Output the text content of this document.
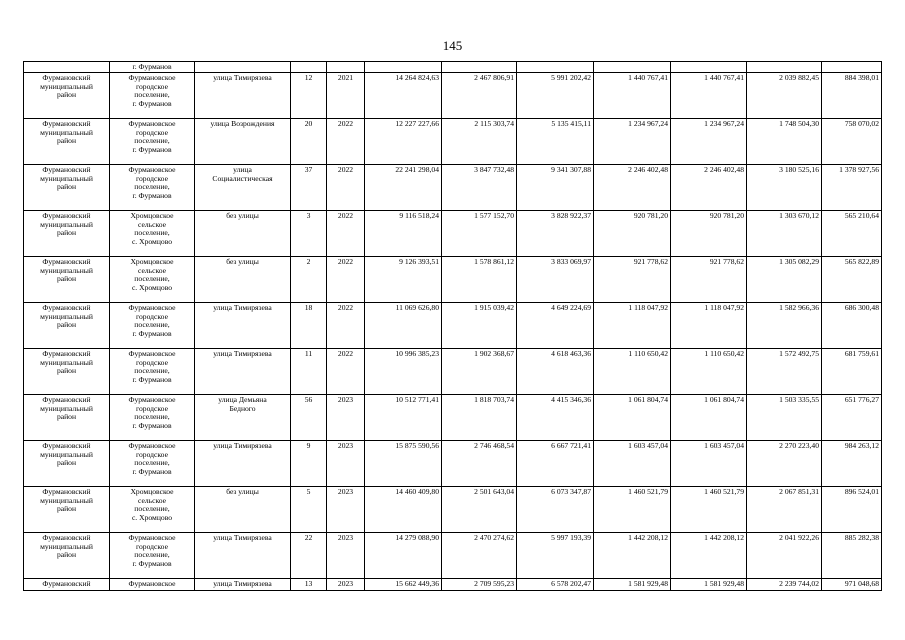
145
	г. Фурманов										
Фурмановский
муниципальный
район	Фурмановское
городское
поселение,
г. Фурманов	улица Тимирязева	12	2021	14 264 824,63	2 467 806,91	5 991 202,42	1 440 767,41	1 440 767,41	2 039 882,45	884 398,01
Фурмановский
муниципальный
район	Фурмановское
городское
поселение,
г. Фурманов	улица Возрождения	20	2022	12 227 227,66	2 115 303,74	5 135 415,11	1 234 967,24	1 234 967,24	1 748 504,30	758 070,02
Фурмановский
муниципальный
район	Фурмановское
городское
поселение,
г. Фурманов	улица
Социалистическая	37	2022	22 241 298,04	3 847 732,48	9 341 307,88	2 246 402,48	2 246 402,48	3 180 525,16	1 378 927,56
Фурмановский
муниципальный
район	Хромцовское
сельское
поселение,
с. Хромцово	без улицы	3	2022	9 116 518,24	1 577 152,70	3 828 922,37	920 781,20	920 781,20	1 303 670,12	565 210,64
Фурмановский
муниципальный
район	Хромцовское
сельское
поселение,
с. Хромцово	без улицы	2	2022	9 126 393,51	1 578 861,12	3 833 069,97	921 778,62	921 778,62	1 305 082,29	565 822,89
Фурмановский
муниципальный
район	Фурмановское
городское
поселение,
г. Фурманов	улица Тимирязева	18	2022	11 069 626,80	1 915 039,42	4 649 224,69	1 118 047,92	1 118 047,92	1 582 966,36	686 300,48
Фурмановский
муниципальный
район	Фурмановское
городское
поселение,
г. Фурманов	улица Тимирязева	11	2022	10 996 385,23	1 902 368,67	4 618 463,36	1 110 650,42	1 110 650,42	1 572 492,75	681 759,61
Фурмановский
муниципальный
район	Фурмановское
городское
поселение,
г. Фурманов	улица Демьяна
Бедного	56	2023	10 512 771,41	1 818 703,74	4 415 346,36	1 061 804,74	1 061 804,74	1 503 335,55	651 776,27
Фурмановский
муниципальный
район	Фурмановское
городское
поселение,
г. Фурманов	улица Тимирязева	9	2023	15 875 590,56	2 746 468,54	6 667 721,41	1 603 457,04	1 603 457,04	2 270 223,40	984 263,12
Фурмановский
муниципальный
район	Хромцовское
сельское
поселение,
с. Хромцово	без улицы	5	2023	14 460 409,80	2 501 643,04	6 073 347,87	1 460 521,79	1 460 521,79	2 067 851,31	896 524,01
Фурмановский
муниципальный
район	Фурмановское
городское
поселение,
г. Фурманов	улица Тимирязева	22	2023	14 279 088,90	2 470 274,62	5 997 193,39	1 442 208,12	1 442 208,12	2 041 922,26	885 282,38
Фурмановский	Фурмановское	улица Тимирязева	13	2023	15 662 449,36	2 709 595,23	6 578 202,47	1 581 929,48	1 581 929,48	2 239 744,02	971 048,68
